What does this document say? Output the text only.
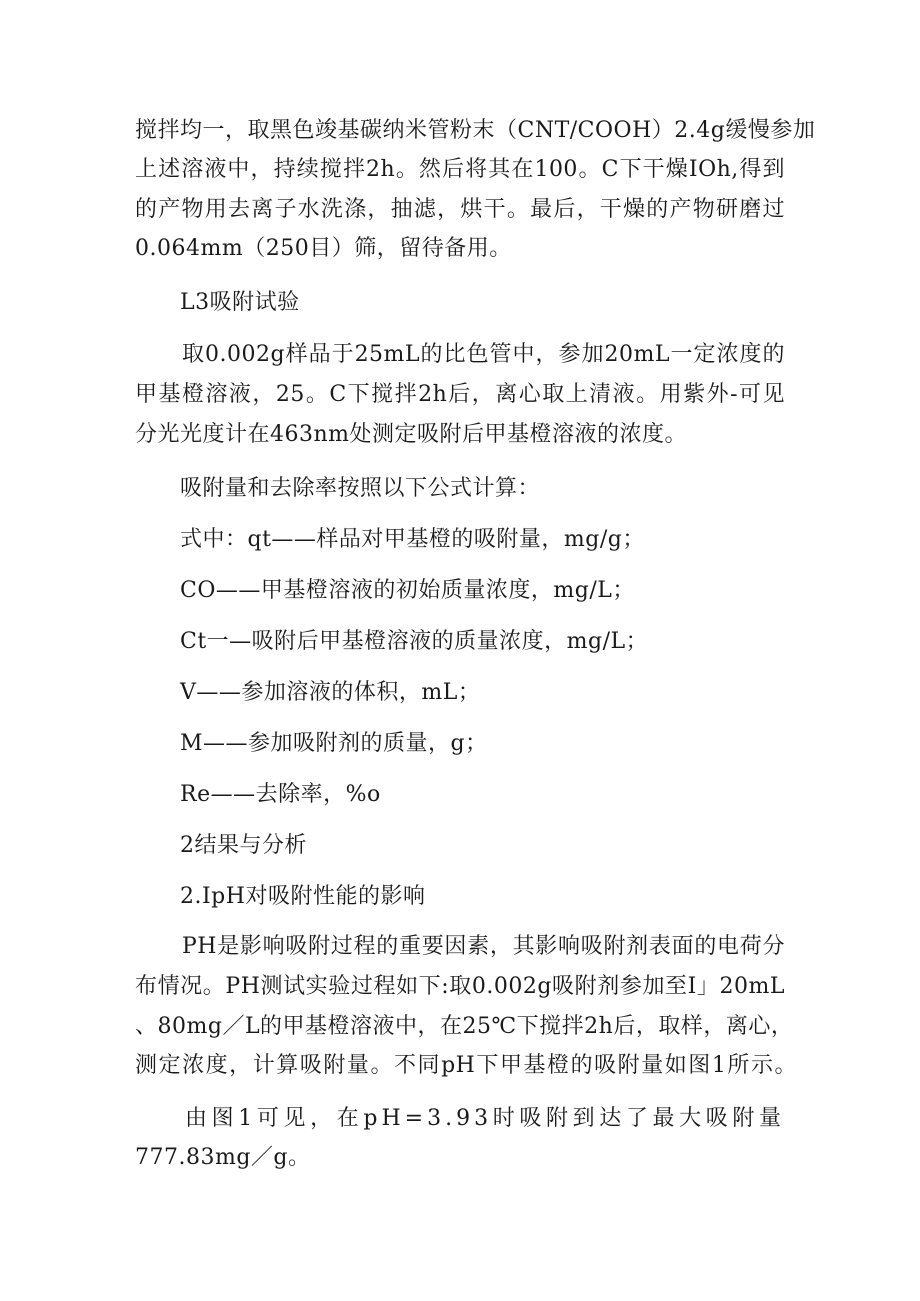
搅拌均一，取黑色竣基碳纳米管粉末（CNT/COOH）2.4g缓慢参加
上述溶液中，持续搅拌2h。然后将其在100。C下干燥IOh,得到
的产物用去离子水洗涤，抽滤，烘干。最后，干燥的产物研磨过
0.064mm（250目）筛，留待备用。
L3吸附试验
取0.002g样品于25mL的比色管中，参加20mL一定浓度的
甲基橙溶液，25。C下搅拌2h后，离心取上清液。用紫外-可见
分光光度计在463nm处测定吸附后甲基橙溶液的浓度。
吸附量和去除率按照以下公式计算：
式中：qt——样品对甲基橙的吸附量，mg/g；
CO——甲基橙溶液的初始质量浓度，mg/L；
Ct一—吸附后甲基橙溶液的质量浓度，mg/L；
V——参加溶液的体积，mL；
M——参加吸附剂的质量，g；
Re——去除率，%o
2结果与分析
2.IpH对吸附性能的影响
PH是影响吸附过程的重要因素，其影响吸附剂表面的电荷分
布情况。PH测试实验过程如下:取0.002g吸附剂参加至I」20mL
、80mg／L的甲基橙溶液中，在25℃下搅拌2h后，取样，离心，
测定浓度，计算吸附量。不同pH下甲基橙的吸附量如图1所示。
由图1可见，在pH=3.93时吸附到达了最大吸附量
777.83mg／g。
